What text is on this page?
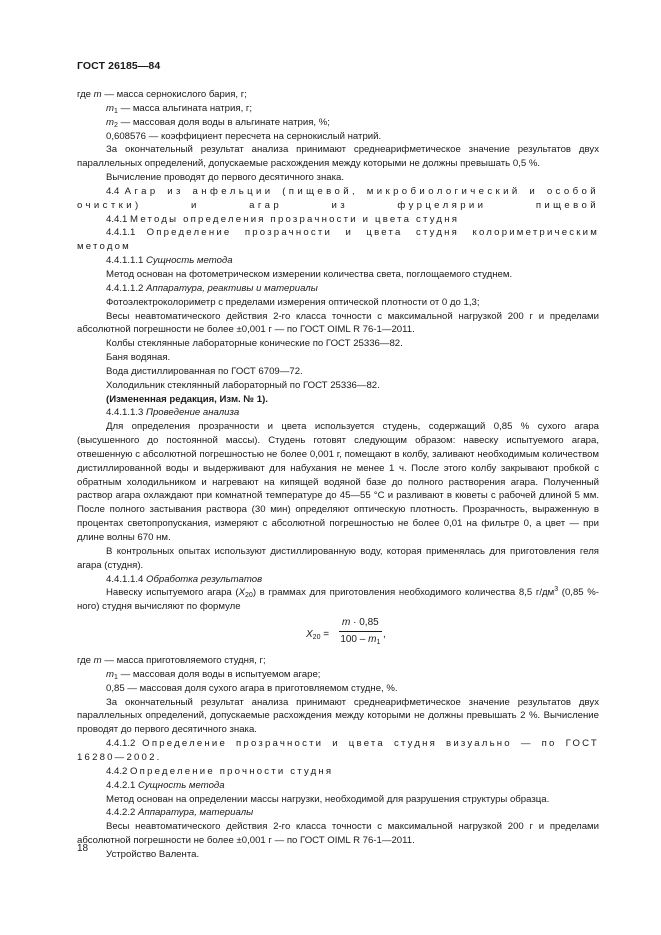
ГОСТ 26185—84

где m — масса сернокислого бария, г;

$m_1$ — масса альгината натрия, г;

$m_2$ — массовая доля воды в альгинате натрия, %;

0,608576 — коэффициент пересчета на сернокислый натрий.

За окончательный результат анализа принимают среднеарифметическое значение результатов двух параллельных определений, допускаемые расхождения между которыми не должны превышать 0,5 %.

Вычисление проводят до первого десятичного знака.

4.4 Агар из анфельции (пищевой, микробиологический и особой очистки) и агар из фурцелярии пищевой

4.4.1 Методы определения прозрачности и цвета студня

4.4.1.1 Определение прозрачности и цвета студня колориметрическим методом

4.4.1.1.1 Сущность метода

Метод основан на фотометрическом измерении количества света, поглощаемого студнем.

4.4.1.1.2 Аппаратура, реактивы и материалы

Фотоэлектроколориметр с пределами измерения оптической плотности от 0 до 1,3;

Весы неавтоматического действия 2-го класса точности с максимальной нагрузкой 200 г и пределами абсолютной погрешности не более ±0,001 г — по ГОСТ OIML R 76-1—2011.

Колбы стеклянные лабораторные конические по ГОСТ 25336—82.

Баня водяная.

Вода дистиллированная по ГОСТ 6709—72.

Холодильник стеклянный лабораторный по ГОСТ 25336—82.

(Измененная редакция, Изм. № 1).

4.4.1.1.3 Проведение анализа

Для определения прозрачности и цвета используется студень, содержащий 0,85 % сухого агара (высушенного до постоянной массы). Студень готовят следующим образом: навеску испытуемого агара, отвешенную с абсолютной погрешностью не более 0,001 г, помещают в колбу, заливают необходимым количеством дистиллированной воды и выдерживают для набухания не менее 1 ч. После этого колбу закрывают пробкой с обратным холодильником и нагревают на кипящей водяной базе до полного растворения агара. Полученный раствор агара охлаждают при комнатной температуре до 45—55 °С и разливают в кюветы с рабочей длиной 5 мм. После полного застывания раствора (30 мин) определяют оптическую плотность. Прозрачность, выраженную в процентах светопропускания, измеряют с абсолютной погрешностью не более 0,01 на фильтре 0, а цвет — при длине волны 670 нм.

В контрольных опытах используют дистиллированную воду, которая применялась для приготовления геля агара (студня).

4.4.1.1.4 Обработка результатов

Навеску испытуемого агара $(X_{20})$ в граммах для приготовления необходимого количества 8,5 $г/дм^3$ (0,85 %-ного) студня вычисляют по формуле

$X_{20} = \frac{m \cdot 0,85}{100 - m_1}$ ,

где m — масса приготовляемого студня, г;

$m_1$ — массовая доля воды в испытуемом агаре;

0,85 — массовая доля сухого агара в приготовляемом студне, %.

За окончательный результат анализа принимают среднеарифметическое значение результатов двух параллельных определений, допускаемые расхождения между которыми не должны превышать 2 %. Вычисление проводят до первого десятичного знака.

4.4.1.2 Определение прозрачности и цвета студня визуально — по ГОСТ 16280—2002.

4.4.2 Определение прочности студня

4.4.2.1 Сущность метода

Метод основан на определении массы нагрузки, необходимой для разрушения структуры образца.

4.4.2.2 Аппаратура, материалы

Весы неавтоматического действия 2-го класса точности с максимальной нагрузкой 200 г и пределами абсолютной погрешности не более ±0,001 г — по ГОСТ OIML R 76-1—2011.

Устройство Валента.

18
